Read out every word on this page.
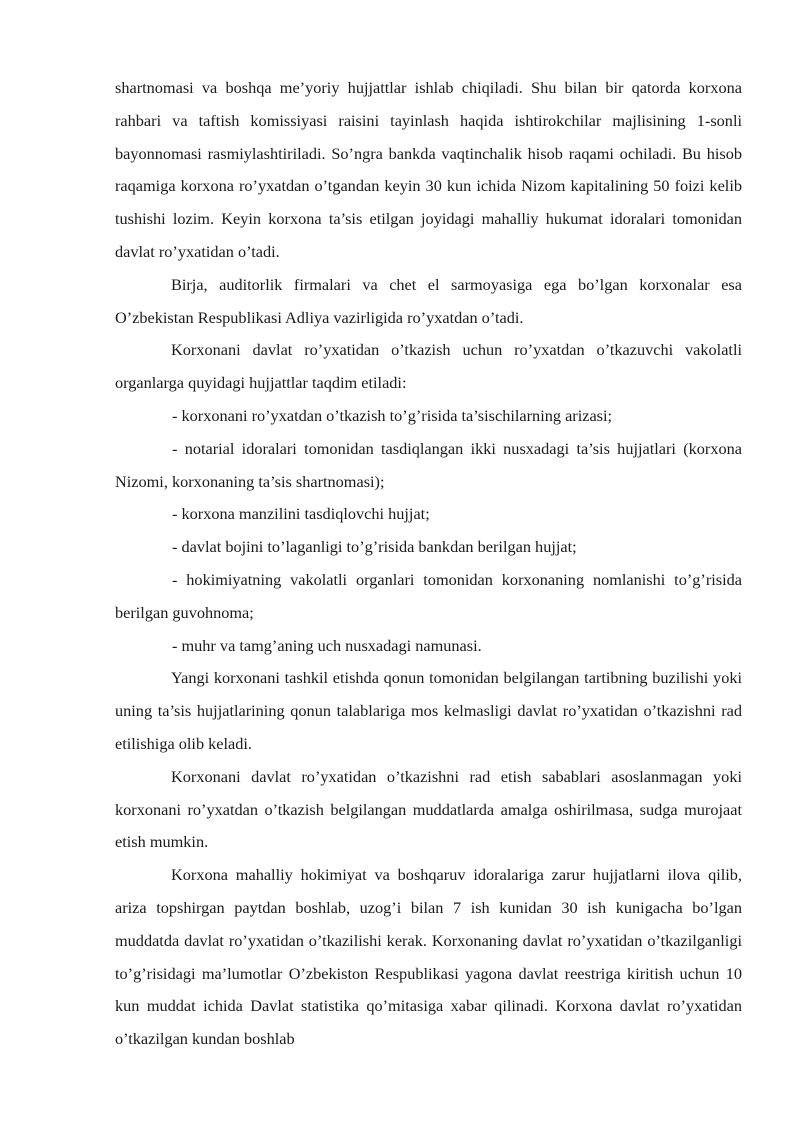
shartnomasi va boshqa me’yoriy hujjattlar ishlab chiqiladi. Shu bilan bir qatorda korxona rahbari va taftish komissiyasi raisini tayinlash haqida ishtirokchilar majlisining 1-sonli bayonnomasi rasmiylashtiriladi. So’ngra bankda vaqtinchalik hisob raqami ochiladi. Bu hisob raqamiga korxona ro’yxatdan o’tgandan keyin 30 kun ichida Nizom kapitalining 50 foizi kelib tushishi lozim. Keyin korxona ta’sis etilgan joyidagi mahalliy hukumat idoralari tomonidan davlat ro’yxatidan o’tadi.

Birja, auditorlik firmalari va chet el sarmoyasiga ega bo’lgan korxonalar esa O’zbekistan Respublikasi Adliya vazirligida ro’yxatdan o’tadi.

Korxonani davlat ro’yxatidan o’tkazish uchun ro’yxatdan o’tkazuvchi vakolatli organlarga quyidagi hujjattlar taqdim etiladi:

- korxonani ro’yxatdan o’tkazish to’g’risida ta’sischilarning arizasi;

- notarial idoralari tomonidan tasdiqlangan ikki nusxadagi ta’sis hujjatlari (korxona Nizomi, korxonaning ta’sis shartnomasi);

- korxona manzilini tasdiqlovchi hujjat;

- davlat bojini to’laganligi to’g’risida bankdan berilgan hujjat;

- hokimiyatning vakolatli organlari tomonidan korxonaning nomlanishi to’g’risida berilgan guvohnoma;

- muhr va tamg’aning uch nusxadagi namunasi.

Yangi korxonani tashkil etishda qonun tomonidan belgilangan tartibning buzilishi yoki uning ta’sis hujjatlarining qonun talablariga mos kelmasligi davlat ro’yxatidan o’tkazishni rad etilishiga olib keladi.

Korxonani davlat ro’yxatidan o’tkazishni rad etish sabablari asoslanmagan yoki korxonani ro’yxatdan o’tkazish belgilangan muddatlarda amalga oshirilmasa, sudga murojaat etish mumkin.

Korxona mahalliy hokimiyat va boshqaruv idoralariga zarur hujjatlarni ilova qilib, ariza topshirgan paytdan boshlab, uzog’i bilan 7 ish kunidan 30 ish kunigacha bo’lgan muddatda davlat ro’yxatidan o’tkazilishi kerak. Korxonaning davlat ro’yxatidan o’tkazilganligi to’g’risidagi ma’lumotlar O’zbekiston Respublikasi yagona davlat reestriga kiritish uchun 10 kun muddat ichida Davlat statistika qo’mitasiga xabar qilinadi. Korxona davlat ro’yxatidan o’tkazilgan kundan boshlab
